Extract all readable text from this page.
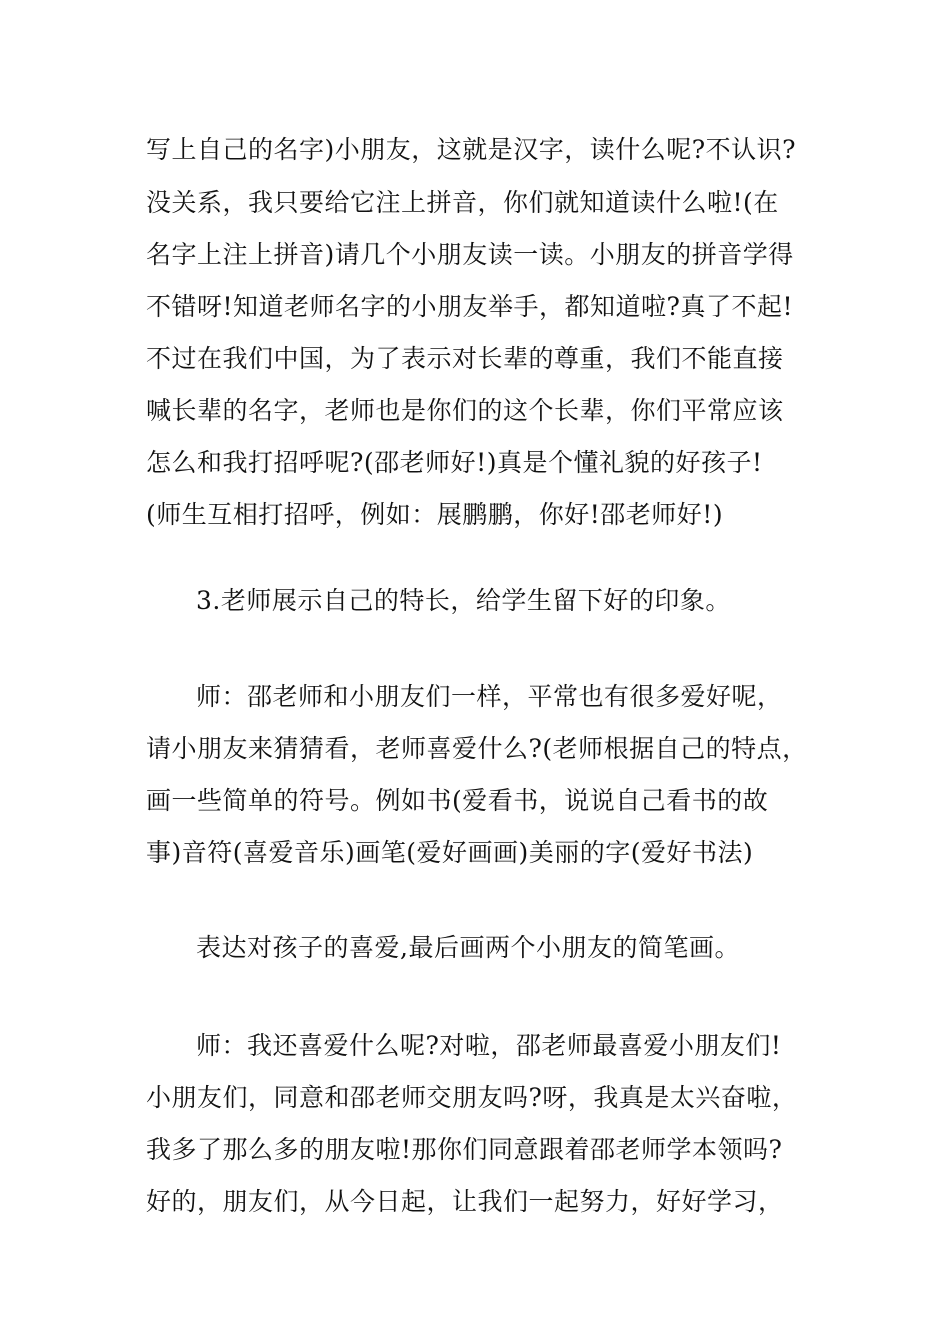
写上自己的名字)小朋友，这就是汉字，读什么呢?不认识?
没关系，我只要给它注上拼音，你们就知道读什么啦!(在
名字上注上拼音)请几个小朋友读一读。小朋友的拼音学得
不错呀!知道老师名字的小朋友举手，都知道啦?真了不起!
不过在我们中国，为了表示对长辈的尊重，我们不能直接
喊长辈的名字，老师也是你们的这个长辈，你们平常应该
怎么和我打招呼呢?(邵老师好!)真是个懂礼貌的好孩子!
(师生互相打招呼，例如：展鹏鹏，你好!邵老师好!)
3.老师展示自己的特长，给学生留下好的印象。
师：邵老师和小朋友们一样，平常也有很多爱好呢，
请小朋友来猜猜看，老师喜爱什么?(老师根据自己的特点，
画一些简单的符号。例如书(爱看书，说说自己看书的故
事)音符(喜爱音乐)画笔(爱好画画)美丽的字(爱好书法)
表达对孩子的喜爱,最后画两个小朋友的简笔画。
师：我还喜爱什么呢?对啦，邵老师最喜爱小朋友们!
小朋友们，同意和邵老师交朋友吗?呀，我真是太兴奋啦，
我多了那么多的朋友啦!那你们同意跟着邵老师学本领吗?
好的，朋友们，从今日起，让我们一起努力，好好学习，
